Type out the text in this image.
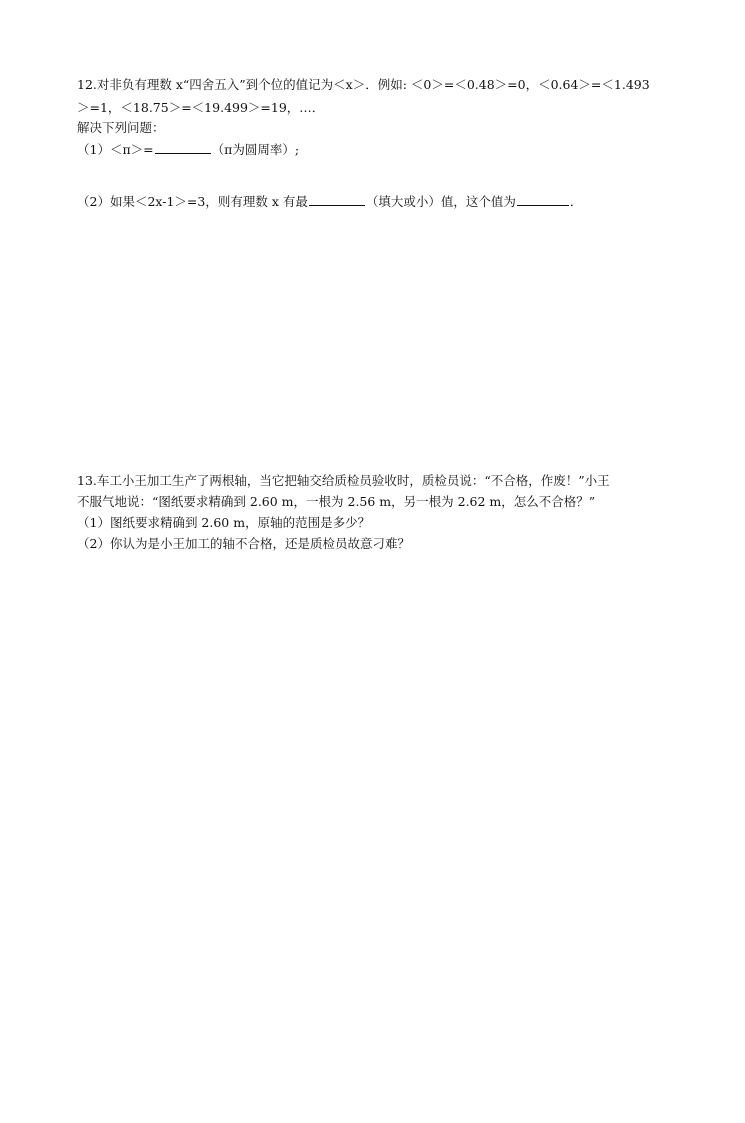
12.对非负有理数 x“四舍五入”到个位的值记为＜x＞．例如: ＜0＞=＜0.48＞=0，＜0.64＞=＜1.493
＞=1，＜18.75＞=＜19.499＞=19，…．
解决下列问题：
（1）＜π＞=	（π为圆周率）;
（2）如果＜2x-1＞=3，则有理数 x 有最	（填大或小）值，这个值为	．
13.车工小王加工生产了两根轴，当它把轴交给质检员验收时，质检员说：“不合格，作废！”小王
不服气地说：“图纸要求精确到 2.60 m，一根为 2.56 m，另一根为 2.62 m，怎么不合格？”
（1）图纸要求精确到 2.60 m，原轴的范围是多少？
（2）你认为是小王加工的轴不合格，还是质检员故意刁难？
